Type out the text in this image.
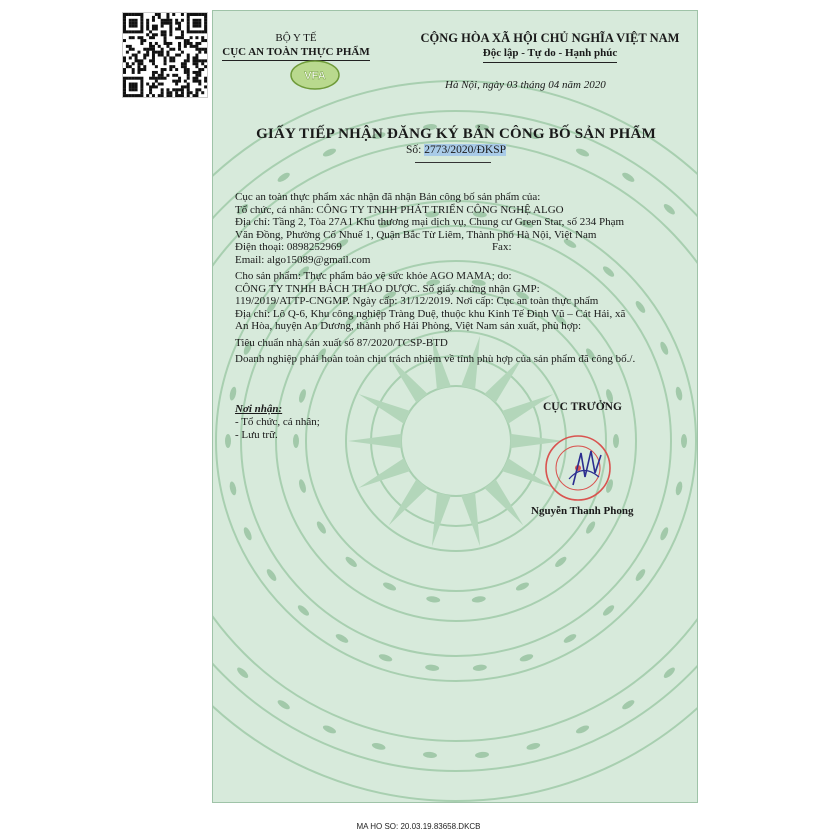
BỘ Y TẾ
CỤC AN TOÀN THỰC PHẨM
VFA
CỘNG HÒA XÃ HỘI CHỦ NGHĨA VIỆT NAM
Độc lập - Tự do - Hạnh phúc
Hà Nội, ngày 03 tháng 04 năm 2020
GIẤY TIẾP NHẬN ĐĂNG KÝ BẢN CÔNG BỐ SẢN PHẨM
Số: 2773/2020/ĐKSP

Cục an toàn thực phẩm xác nhận đã nhận Bản công bố sản phẩm của:

Tổ chức, cá nhân: CÔNG TY TNHH PHÁT TRIỂN CÔNG NGHỆ ALGO

Địa chỉ: Tầng 2, Tòa 27A1 Khu thương mại dịch vụ, Chung cư Green Star, số 234 Phạm

Văn Đồng, Phường Cổ Nhuế 1, Quận Bắc Từ Liêm, Thành phố Hà Nội, Việt Nam

Điện thoại: 0898252969	Fax:

Email: algo15089@gmail.com

Cho sản phẩm: Thực phẩm bảo vệ sức khỏe AGO MAMA; do:

CÔNG TY TNHH BÁCH THẢO DƯỢC. Số giấy chứng nhận GMP:

119/2019/ATTP-CNGMP. Ngày cấp: 31/12/2019. Nơi cấp: Cục an toàn thực phẩm

Địa chỉ: Lô Q-6, Khu công nghiệp Tràng Duệ, thuộc khu Kinh Tế Đình Vũ – Cát Hải, xã

An Hòa, huyện An Dương, thành phố Hải Phòng, Việt Nam sản xuất, phù hợp:

Tiêu chuẩn nhà sản xuất số 87/2020/TCSP-BTD

Doanh nghiệp phải hoàn toàn chịu trách nhiệm về tính phù hợp của sản phẩm đã công bố./.

Nơi nhận:
- Tổ chức, cá nhân;
- Lưu trữ.
CỤC TRƯỞNG
Nguyễn Thanh Phong
MA HO SO: 20.03.19.83658.DKCB
